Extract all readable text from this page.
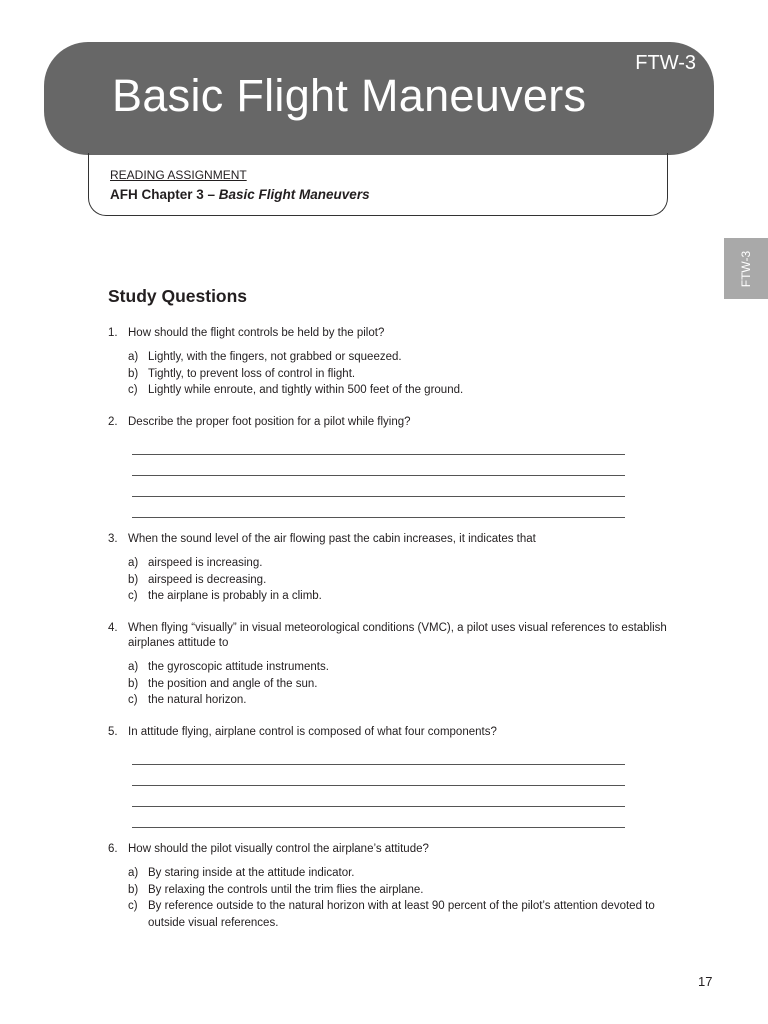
Basic Flight Maneuvers
FTW-3
READING ASSIGNMENT
AFH Chapter 3 – Basic Flight Maneuvers
FTW-3
Study Questions
1. How should the flight controls be held by the pilot?
a) Lightly, with the fingers, not grabbed or squeezed.
b) Tightly, to prevent loss of control in flight.
c) Lightly while enroute, and tightly within 500 feet of the ground.
2. Describe the proper foot position for a pilot while flying?
3. When the sound level of the air flowing past the cabin increases, it indicates that
a) airspeed is increasing.
b) airspeed is decreasing.
c) the airplane is probably in a climb.
4. When flying “visually” in visual meteorological conditions (VMC), a pilot uses visual references to establish airplanes attitude to
a) the gyroscopic attitude instruments.
b) the position and angle of the sun.
c) the natural horizon.
5. In attitude flying, airplane control is composed of what four components?
6. How should the pilot visually control the airplane’s attitude?
a) By staring inside at the attitude indicator.
b) By relaxing the controls until the trim flies the airplane.
c) By reference outside to the natural horizon with at least 90 percent of the pilot’s attention devoted to outside visual references.
17
